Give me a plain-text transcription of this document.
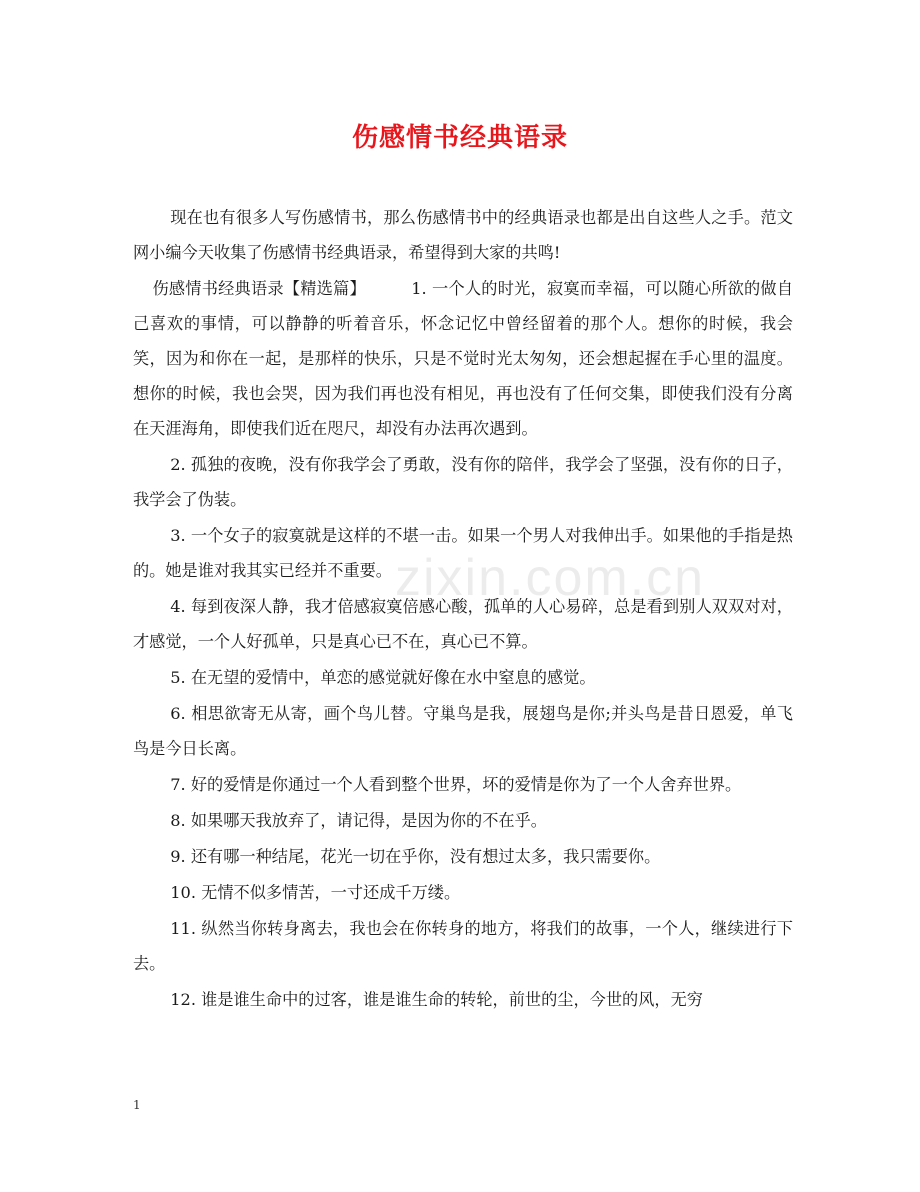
伤感情书经典语录

现在也有很多人写伤感情书，那么伤感情书中的经典语录也都是出自这些人之手。范文网小编今天收集了伤感情书经典语录，希望得到大家的共鸣!

伤感情书经典语录【精选篇】	1. 一个人的时光，寂寞而幸福，可以随心所欲的做自己喜欢的事情，可以静静的听着音乐，怀念记忆中曾经留着的那个人。想你的时候，我会笑，因为和你在一起，是那样的快乐，只是不觉时光太匆匆，还会想起握在手心里的温度。想你的时候，我也会哭，因为我们再也没有相见，再也没有了任何交集，即使我们没有分离在天涯海角，即使我们近在咫尺，却没有办法再次遇到。

2. 孤独的夜晚，没有你我学会了勇敢，没有你的陪伴，我学会了坚强，没有你的日子，我学会了伪装。

3. 一个女子的寂寞就是这样的不堪一击。如果一个男人对我伸出手。如果他的手指是热的。她是谁对我其实已经并不重要。

4. 每到夜深人静，我才倍感寂寞倍感心酸，孤单的人心易碎，总是看到别人双双对对，才感觉，一个人好孤单，只是真心已不在，真心已不算。

5. 在无望的爱情中，单恋的感觉就好像在水中窒息的感觉。

6. 相思欲寄无从寄，画个鸟儿替。守巢鸟是我，展翅鸟是你;并头鸟是昔日恩爱，单飞鸟是今日长离。

7. 好的爱情是你通过一个人看到整个世界，坏的爱情是你为了一个人舍弃世界。

8. 如果哪天我放弃了，请记得，是因为你的不在乎。

9. 还有哪一种结尾，花光一切在乎你，没有想过太多，我只需要你。

10. 无情不似多情苦，一寸还成千万缕。

11. 纵然当你转身离去，我也会在你转身的地方，将我们的故事，一个人，继续进行下去。

12. 谁是谁生命中的过客，谁是谁生命的转轮，前世的尘，今世的风，无穷

zixin.com.cn
1
